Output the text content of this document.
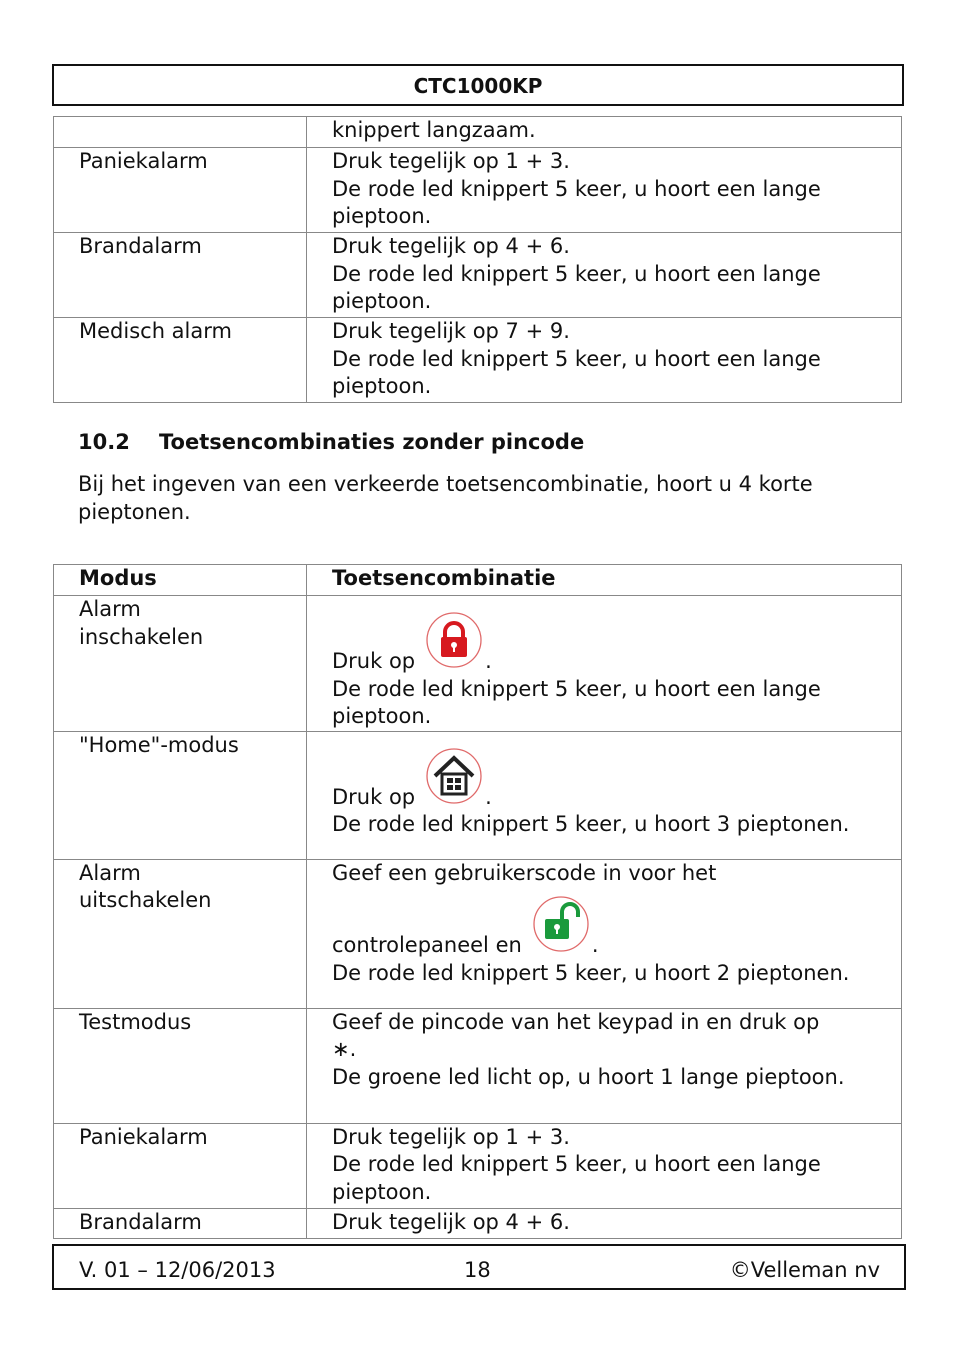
CTC1000KP

	knippert langzaam.

Paniekalarm	Druk tegelijk op 1 + 3.
De rode led knippert 5 keer, u hoort een lange pieptoon.

Brandalarm	Druk tegelijk op 4 + 6.
De rode led knippert 5 keer, u hoort een lange pieptoon.

Medisch alarm	Druk tegelijk op 7 + 9.
De rode led knippert 5 keer, u hoort een lange pieptoon.
10.2 Toetsencombinaties zonder pincode
Bij het ingeven van een verkeerde toetsencombinatie, hoort u 4 korte pieptonen.
Modus	Toetsencombinatie
Alarm inschakelen	Druk op .
De rode led knippert 5 keer, u hoort een lange pieptoon.

"Home"-modus	Druk op .
De rode led knippert 5 keer, u hoort 3 pieptonen.

Alarm uitschakelen	Geef een gebruikerscode in voor het
controlepaneel en .
De rode led knippert 5 keer, u hoort 2 pieptonen.

Testmodus	Geef de pincode van het keypad in en druk op
∗.
De groene led licht op, u hoort 1 lange pieptoon.

Paniekalarm	Druk tegelijk op 1 + 3.
De rode led knippert 5 keer, u hoort een lange pieptoon.

Brandalarm	Druk tegelijk op 4 + 6.
V. 01 – 12/06/2013	18	©Velleman nv
